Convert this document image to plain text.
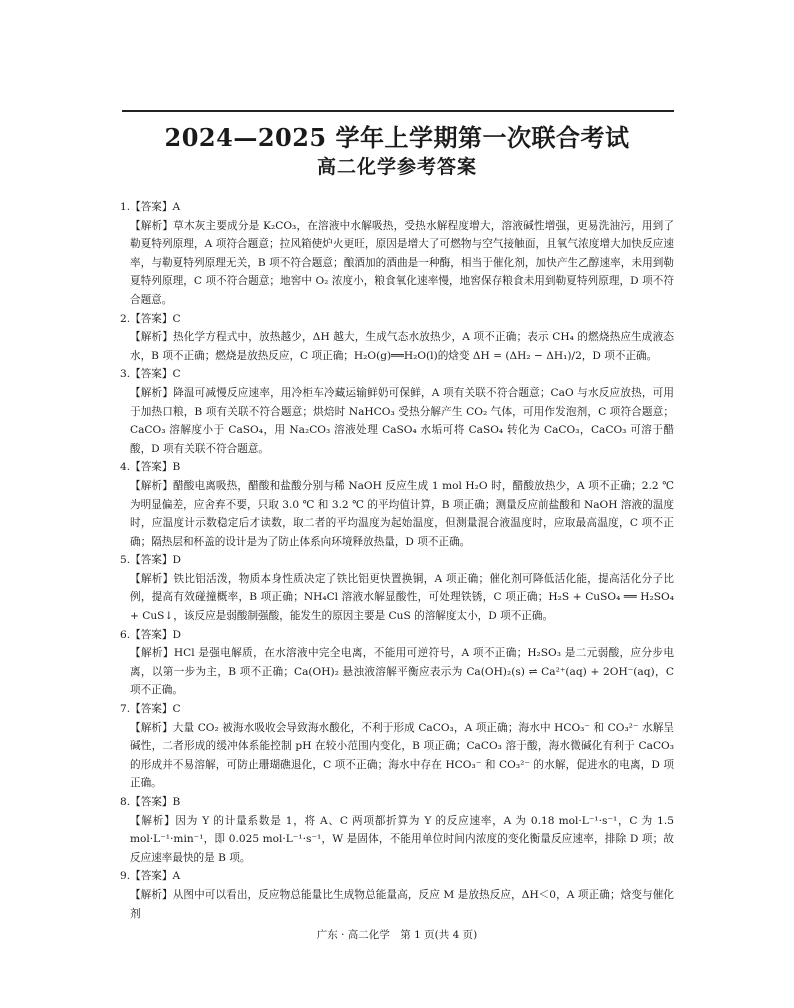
2024—2025 学年上学期第一次联合考试
高二化学参考答案
1.【答案】A
【解析】草木灰主要成分是 K₂CO₃，在溶液中水解吸热，受热水解程度增大，溶液碱性增强，更易洗油污，用到了勒夏特列原理，A 项符合题意；拉风箱使炉火更旺，原因是增大了可燃物与空气接触面，且氧气浓度增大加快反应速率，与勒夏特列原理无关，B 项不符合题意；酿酒加的酒曲是一种酶，相当于催化剂，加快产生乙醇速率，未用到勒夏特列原理，C 项不符合题意；地窖中 O₂ 浓度小，粮食氧化速率慢，地窖保存粮食未用到勒夏特列原理，D 项不符合题意。
2.【答案】C
【解析】热化学方程式中，放热越少，ΔH 越大，生成气态水放热少，A 项不正确；表示 CH₄ 的燃烧热应生成液态水，B 项不正确；燃烧是放热反应，C 项正确；H₂O(g)══H₂O(l)的焓变 ΔH = (ΔH₂ − ΔH₁)/2，D 项不正确。
3.【答案】C
【解析】降温可减慢反应速率，用冷柜车冷藏运输鲜奶可保鲜，A 项有关联不符合题意；CaO 与水反应放热，可用于加热口粮，B 项有关联不符合题意；烘焙时 NaHCO₃ 受热分解产生 CO₂ 气体，可用作发泡剂，C 项符合题意；CaCO₃ 溶解度小于 CaSO₄，用 Na₂CO₃ 溶液处理 CaSO₄ 水垢可将 CaSO₄ 转化为 CaCO₃，CaCO₃ 可溶于醋酸，D 项有关联不符合题意。
4.【答案】B
【解析】醋酸电离吸热，醋酸和盐酸分别与稀 NaOH 反应生成 1 mol H₂O 时，醋酸放热少，A 项不正确；2.2 ℃ 为明显偏差，应舍弃不要，只取 3.0 ℃ 和 3.2 ℃ 的平均值计算，B 项正确；测量反应前盐酸和 NaOH 溶液的温度时，应温度计示数稳定后才读数，取二者的平均温度为起始温度，但测量混合液温度时，应取最高温度，C 项不正确；隔热层和杯盖的设计是为了防止体系向环境释放热量，D 项不正确。
5.【答案】D
【解析】铁比铝活泼，物质本身性质决定了铁比铝更快置换铜，A 项正确；催化剂可降低活化能，提高活化分子比例，提高有效碰撞概率，B 项正确；NH₄Cl 溶液水解显酸性，可处理铁锈，C 项正确；H₂S + CuSO₄ ══ H₂SO₄ + CuS↓，该反应是弱酸制强酸，能发生的原因主要是 CuS 的溶解度太小，D 项不正确。
6.【答案】D
【解析】HCl 是强电解质，在水溶液中完全电离，不能用可逆符号，A 项不正确；H₂SO₃ 是二元弱酸，应分步电离，以第一步为主，B 项不正确；Ca(OH)₂ 悬浊液溶解平衡应表示为 Ca(OH)₂(s) ⇌ Ca²⁺(aq) + 2OH⁻(aq)，C 项不正确。
7.【答案】C
【解析】大量 CO₂ 被海水吸收会导致海水酸化，不利于形成 CaCO₃，A 项正确；海水中 HCO₃⁻ 和 CO₃²⁻ 水解呈碱性，二者形成的缓冲体系能控制 pH 在较小范围内变化，B 项正确；CaCO₃ 溶于酸，海水微碱化有利于 CaCO₃ 的形成并不易溶解，可防止珊瑚礁退化，C 项不正确；海水中存在 HCO₃⁻ 和 CO₃²⁻ 的水解，促进水的电离，D 项正确。
8.【答案】B
【解析】因为 Y 的计量系数是 1，将 A、C 两项都折算为 Y 的反应速率，A 为 0.18 mol·L⁻¹·s⁻¹，C 为 1.5 mol·L⁻¹·min⁻¹，即 0.025 mol·L⁻¹·s⁻¹，W 是固体，不能用单位时间内浓度的变化衡量反应速率，排除 D 项；故反应速率最快的是 B 项。
9.【答案】A
【解析】从图中可以看出，反应物总能量比生成物总能量高，反应 M 是放热反应，ΔH＜0，A 项正确；焓变与催化剂
广东 · 高二化学　第 1 页(共 4 页)
